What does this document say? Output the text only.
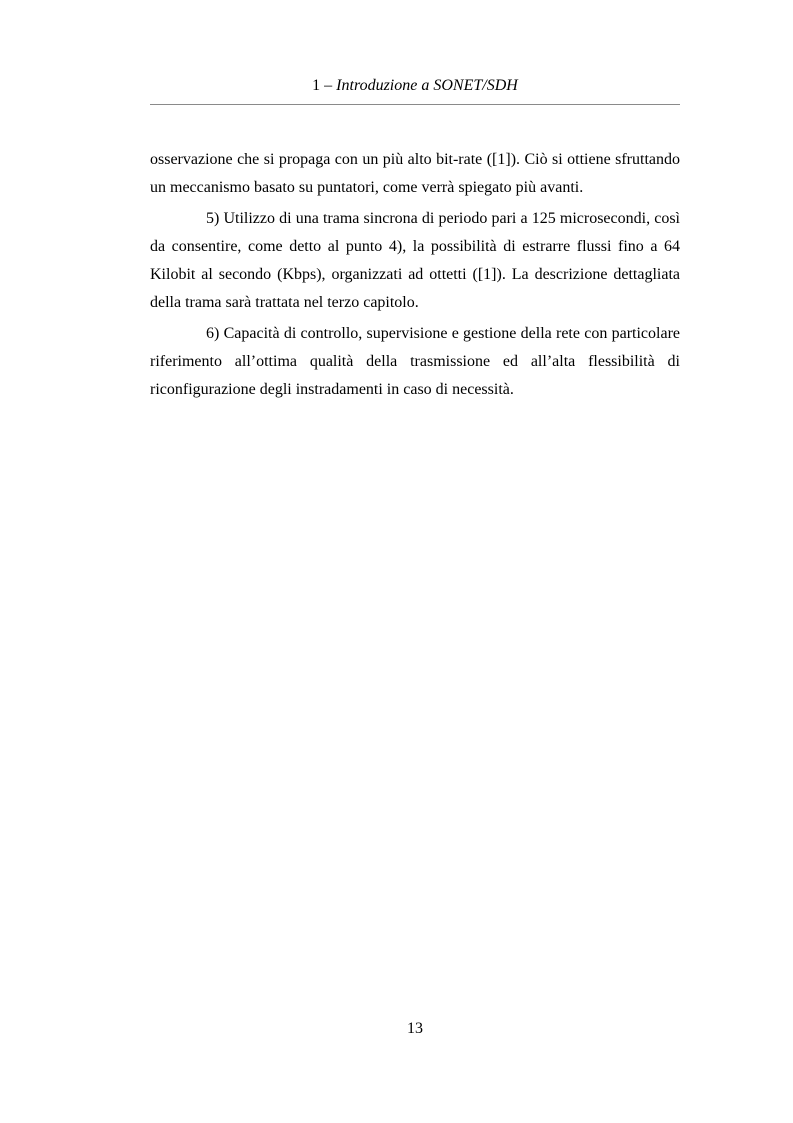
1 – Introduzione a SONET/SDH

osservazione che si propaga con un più alto bit-rate ([1]). Ciò si ottiene sfruttando un meccanismo basato su puntatori, come verrà spiegato più avanti.

5) Utilizzo di una trama sincrona di periodo pari a 125 microsecondi, così da consentire, come detto al punto 4), la possibilità di estrarre flussi fino a 64 Kilobit al secondo (Kbps), organizzati ad ottetti ([1]). La descrizione dettagliata della trama sarà trattata nel terzo capitolo.

6) Capacità di controllo, supervisione e gestione della rete con particolare riferimento all’ottima qualità della trasmissione ed all’alta flessibilità di riconfigurazione degli instradamenti in caso di necessità.

13
